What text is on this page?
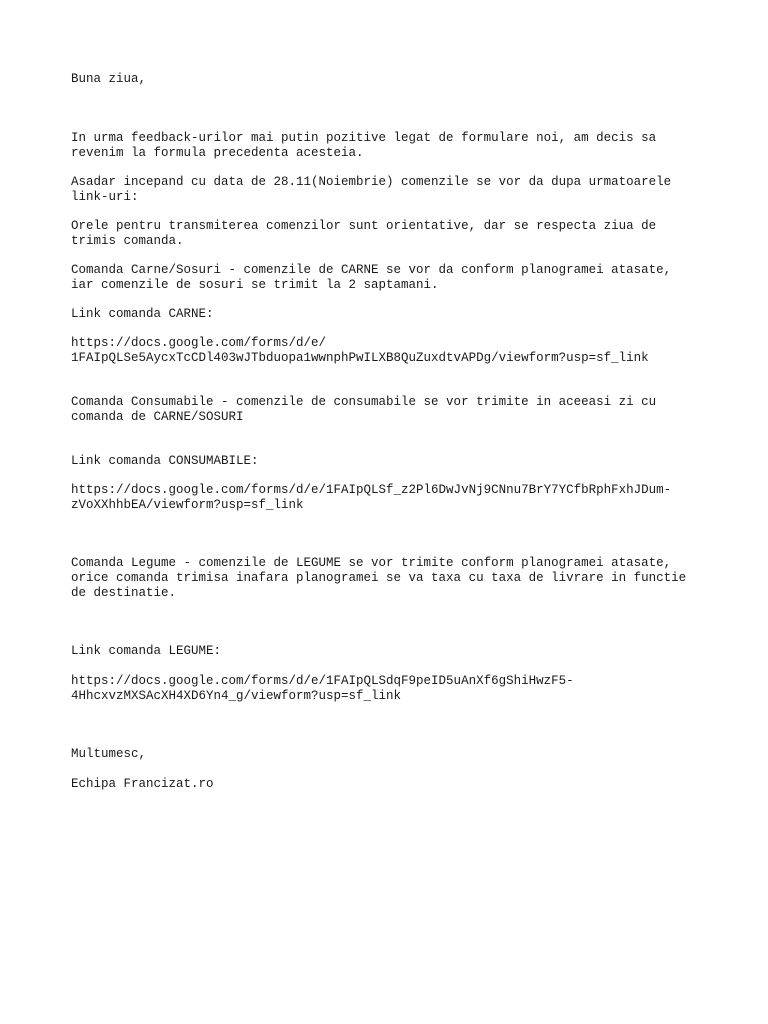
Buna ziua,

In urma feedback-urilor mai putin pozitive legat de formulare noi, am decis sa

revenim la formula precedenta acesteia.

Asadar incepand cu data de 28.11(Noiembrie) comenzile se vor da dupa urmatoarele

link-uri:

Orele pentru transmiterea comenzilor sunt orientative, dar se respecta ziua de

trimis comanda.

Comanda Carne/Sosuri - comenzile de CARNE se vor da conform planogramei atasate,

iar comenzile de sosuri se trimit la 2 saptamani.

Link comanda CARNE:

https://docs.google.com/forms/d/e/

1FAIpQLSe5AycxTcCDl403wJTbduopa1wwnphPwILXB8QuZuxdtvAPDg/viewform?usp=sf_link

Comanda Consumabile - comenzile de consumabile se vor trimite in aceeasi zi cu

comanda de CARNE/SOSURI

Link comanda CONSUMABILE:

https://docs.google.com/forms/d/e/1FAIpQLSf_z2Pl6DwJvNj9CNnu7BrY7YCfbRphFxhJDum-

zVoXXhhbEA/viewform?usp=sf_link

Comanda Legume - comenzile de LEGUME se vor trimite conform planogramei atasate,

orice comanda trimisa inafara planogramei se va taxa cu taxa de livrare in functie

de destinatie.

Link comanda LEGUME:

https://docs.google.com/forms/d/e/1FAIpQLSdqF9peID5uAnXf6gShiHwzF5-

4HhcxvzMXSAcXH4XD6Yn4_g/viewform?usp=sf_link

Multumesc,

Echipa Francizat.ro
